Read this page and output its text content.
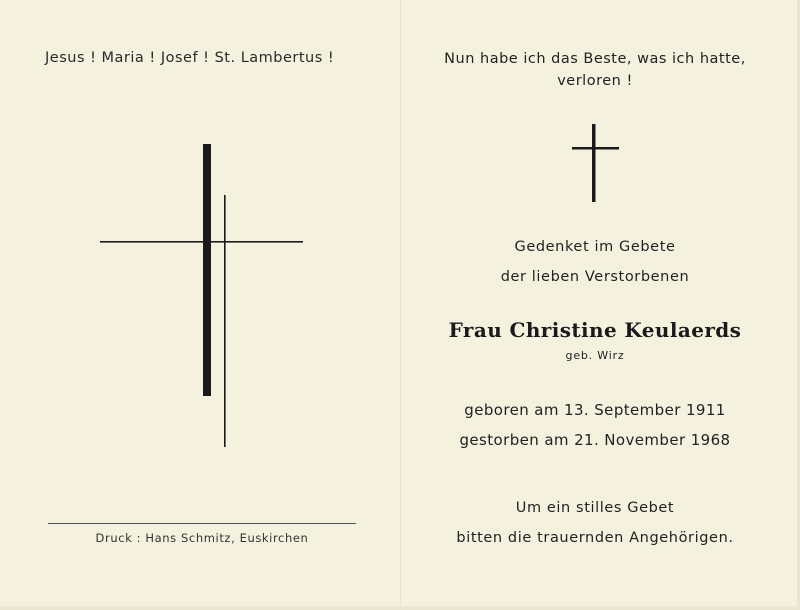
Jesus ! Maria ! Josef ! St. Lambertus !
Druck : Hans Schmitz, Euskirchen
Nun habe ich das Beste, was ich hatte,
verloren !
Gedenket im Gebete
der lieben Verstorbenen
Frau Christine Keulaerds
geb. Wirz
geboren am 13. September 1911
gestorben am 21. November 1968
Um ein stilles Gebet
bitten die trauernden Angehörigen.
